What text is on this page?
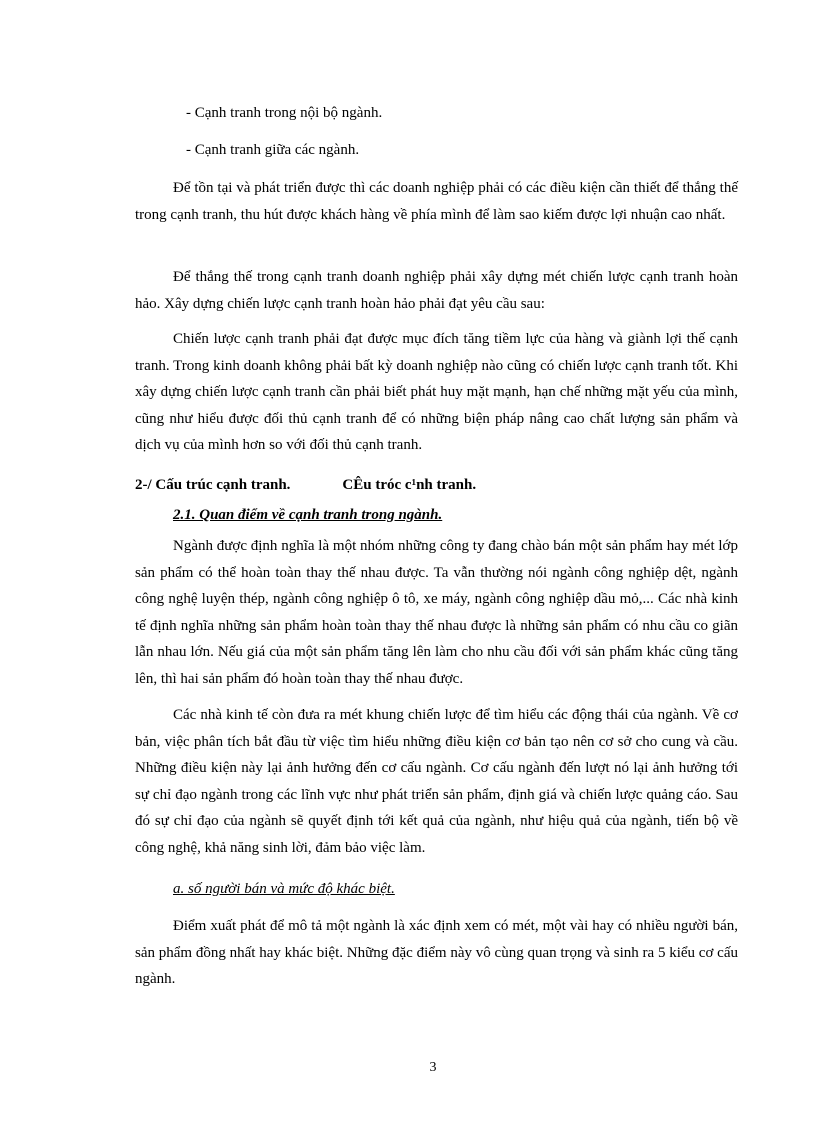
- Cạnh tranh trong nội bộ ngành.
- Cạnh tranh giữa các ngành.

Để tồn tại và phát triển được thì các doanh nghiệp phải có các điều kiện cần thiết để thắng thế trong cạnh tranh, thu hút được khách hàng về phía mình để làm sao kiếm được lợi nhuận cao nhất.

Để thắng thế trong cạnh tranh doanh nghiệp phải xây dựng mét chiến lược cạnh tranh hoàn hảo. Xây dựng chiến lược cạnh tranh hoàn hảo phải đạt yêu cầu sau:

Chiến lược cạnh tranh phải đạt được mục đích tăng tiềm lực của hàng và giành lợi thế cạnh tranh. Trong kinh doanh không phải bất kỳ doanh nghiệp nào cũng có chiến lược cạnh tranh tốt. Khi xây dựng chiến lược cạnh tranh cần phải biết phát huy mặt mạnh, hạn chế những mặt yếu của mình, cũng như hiểu được đối thủ cạnh tranh để có những biện pháp nâng cao chất lượng sản phẩm và dịch vụ của mình hơn so với đối thủ cạnh tranh.

2-/ Cấu trúc cạnh tranh.	CÊu tróc c¹nh tranh.
2.1. Quan điểm về cạnh tranh trong ngành.

Ngành được định nghĩa là một nhóm những công ty đang chào bán một sản phẩm hay mét lớp sản phẩm có thể hoàn toàn thay thế nhau được. Ta vẫn thường nói ngành công nghiệp dệt, ngành công nghệ luyện thép, ngành công nghiệp ô tô, xe máy, ngành công nghiệp dầu mỏ,... Các nhà kinh tế định nghĩa những sản phẩm hoàn toàn thay thế nhau được là những sản phẩm có nhu cầu co giãn lẫn nhau lớn. Nếu giá của một sản phẩm tăng lên làm cho nhu cầu đối với sản phẩm khác cũng tăng lên, thì hai sản phẩm đó hoàn toàn thay thế nhau được.

Các nhà kinh tế còn đưa ra mét khung chiến lược để tìm hiểu các động thái của ngành. Về cơ bản, việc phân tích bắt đầu từ việc tìm hiểu những điều kiện cơ bản tạo nên cơ sở cho cung và cầu. Những điều kiện này lại ảnh hưởng đến cơ cấu ngành. Cơ cấu ngành đến lượt nó lại ảnh hưởng tới sự chỉ đạo ngành trong các lĩnh vực như phát triển sản phẩm, định giá và chiến lược quảng cáo. Sau đó sự chỉ đạo của ngành sẽ quyết định tới kết quả của ngành, như hiệu quả của ngành, tiến bộ về công nghệ, khả năng sinh lời, đảm bảo việc làm.

a. số người bán và mức độ khác biệt.

Điểm xuất phát để mô tả một ngành là xác định xem có mét, một vài hay có nhiều người bán, sản phẩm đồng nhất hay khác biệt. Những đặc điểm này vô cùng quan trọng và sinh ra 5 kiểu cơ cấu ngành.

3
